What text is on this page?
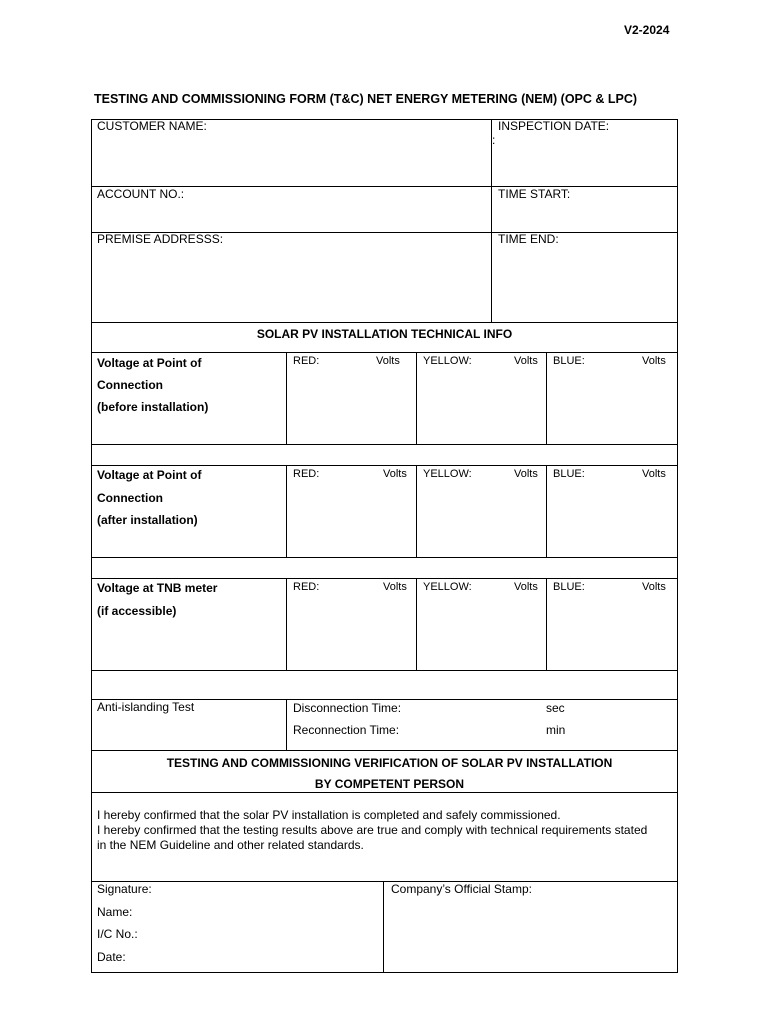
V2-2024
TESTING AND COMMISSIONING FORM (T&C) NET ENERGY METERING (NEM) (OPC & LPC)
CUSTOMER NAME:	INSPECTION DATE:
:
ACCOUNT NO.:	TIME START:
PREMISE ADDRESSS:	TIME END:
SOLAR PV INSTALLATION TECHNICAL INFO
Voltage at Point of
Connection
(before installation)
RED:	Volts YELLOW:	Volts BLUE:	Volts
Voltage at Point of
Connection
(after installation)
RED:	Volts YELLOW:	Volts BLUE:	Volts
Voltage at TNB meter
(if accessible)
RED:	Volts YELLOW:	Volts BLUE:	Volts
Anti-islanding Test	Disconnection Time:	sec
Reconnection Time:	min
TESTING AND COMMISSIONING VERIFICATION OF SOLAR PV INSTALLATION
BY COMPETENT PERSON
I hereby confirmed that the solar PV installation is completed and safely commissioned.
I hereby confirmed that the testing results above are true and comply with technical requirements stated
in the NEM Guideline and other related standards.
Signature:
Name:
I/C No.:
Date:
Company’s Official Stamp:
